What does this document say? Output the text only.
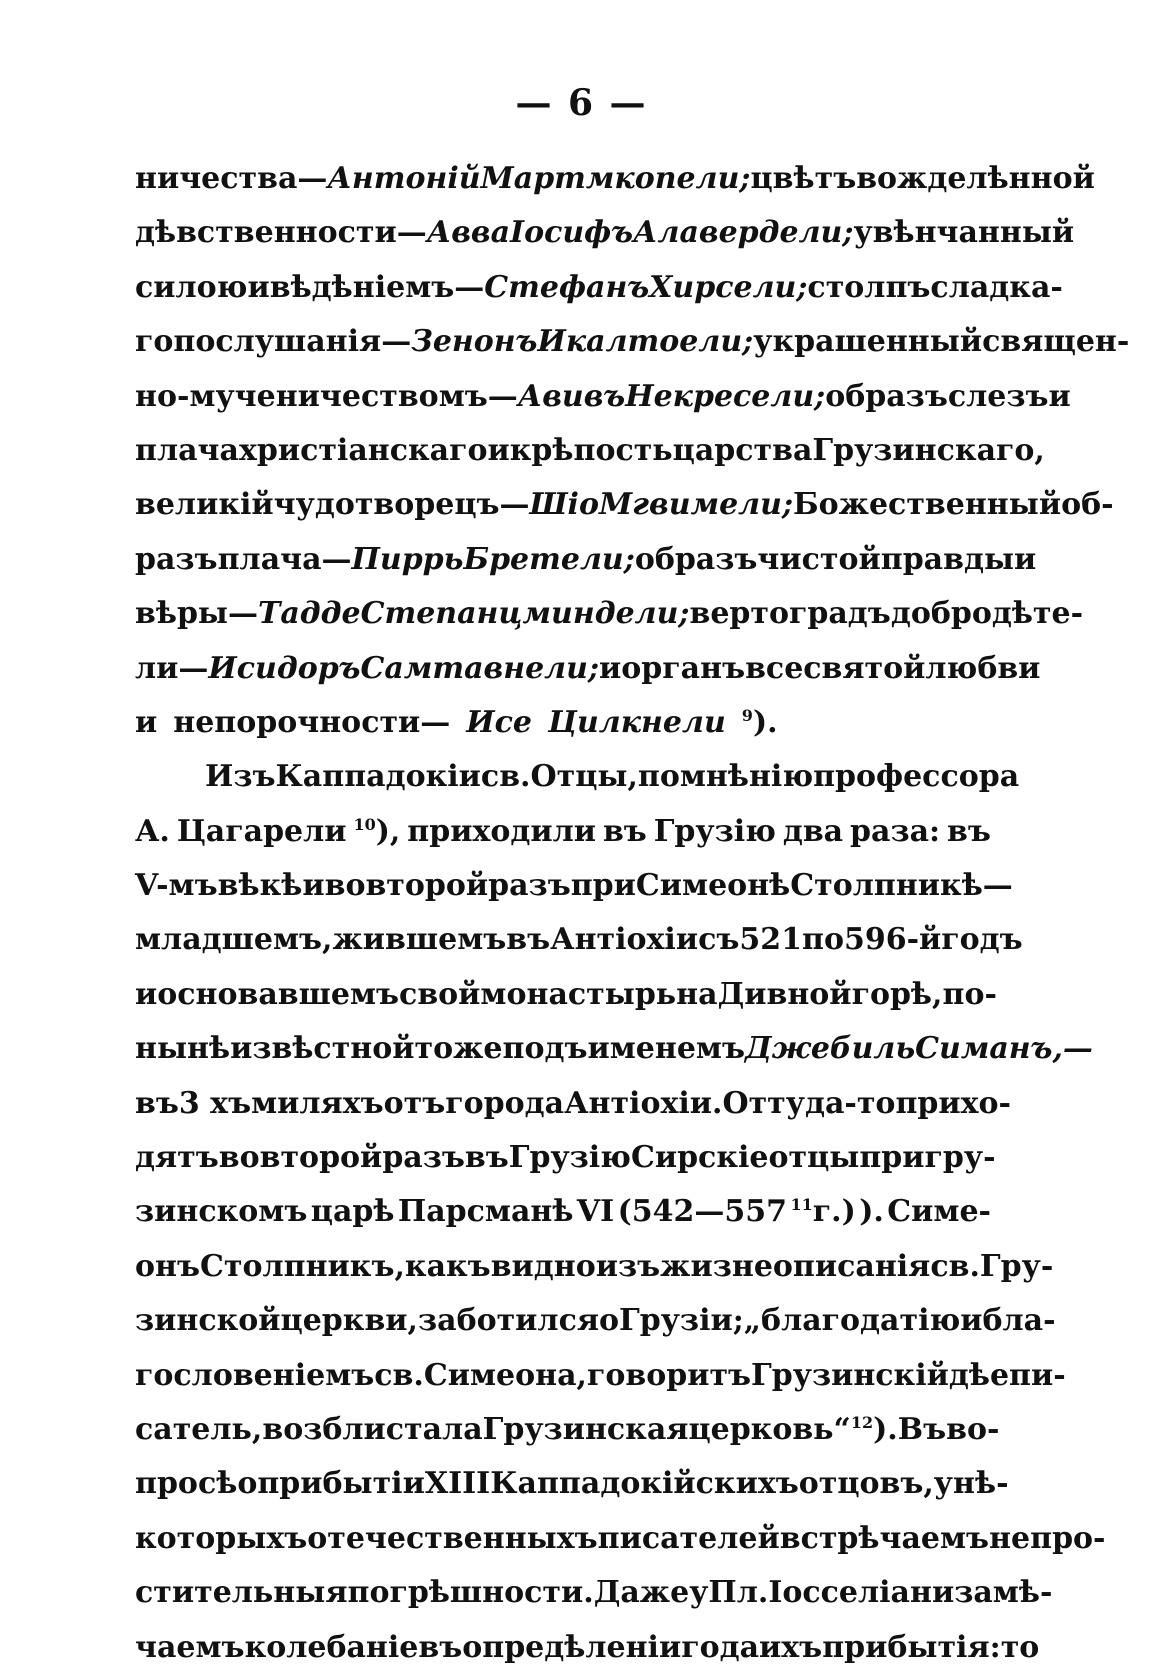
— 6 —
ничества— Антоній Мартмкопели; цвѣтъ вожделѣнной
дѣвственности— Авва Іосифъ Алавердели; увѣнчанный
силою и вѣдѣніемъ— Стефанъ Хирсели; столпъ сладка-
го послушанія— Зенонъ Икалтоели; украшенный священ-
но-мученичествомъ— Авивъ Некресели; образъ слезъ и
плача христіанскаго и крѣпость царства Грузинскаго,
великій чудотворецъ— Шіо Мгвимели; Божественный об-
разъ плача— Пиррь Бретели; образъ чистой правды и
вѣры— Тадде Степанцминдели; вертоградъ добродѣте-
ли— Исидоръ Самтавнели; и органъ всесвятой любви
и непорочности— Исе Цилкнели $^9$).
Изъ Каппадокіи св. Отцы, по мнѣнію профессора
А. Цагарели $^{10}$), приходили въ Грузію два раза: въ
V-мъ вѣкѣ и во второй разъ при Симеонѣ Столпникѣ—
младшемъ, жившемъ въ Антіохіи съ 521 по 596-й годъ
и основавшемъ свой монастырь на Дивной горѣ, по-
нынѣ извѣстной тоже подъ именемъ Джебиль Симанъ,—
въ 3 хъ миляхъ отъ города Антіохіи. Оттуда-то прихо-
дятъ во второй разъ въ Грузію Сирскіе отцы при гру-
зинскомъ царѣ Парсманѣ VI (542—557 $^{11}$г.) ). Симе-
онъ Столпникъ, какъ видно изъ жизнеописанія св. Гру-
зинской церкви, заботился о Грузіи; „благодатію и бла-
гословеніемъ св. Симеона, говоритъ Грузинскій дѣепи-
сатель, возблистала Грузинская церковь“ $^{12}$). Въ во-
просѣ о прибытіи XIII Каппадокійскихъ отцовъ, у нѣ-
которыхъ отечественныхъ писателей встрѣчаемъ непро-
стительныя погрѣшности. Даже у Пл. Іосселіани замѣ-
чаемъ колебаніе въ опредѣленіи года ихъ прибытія: то
